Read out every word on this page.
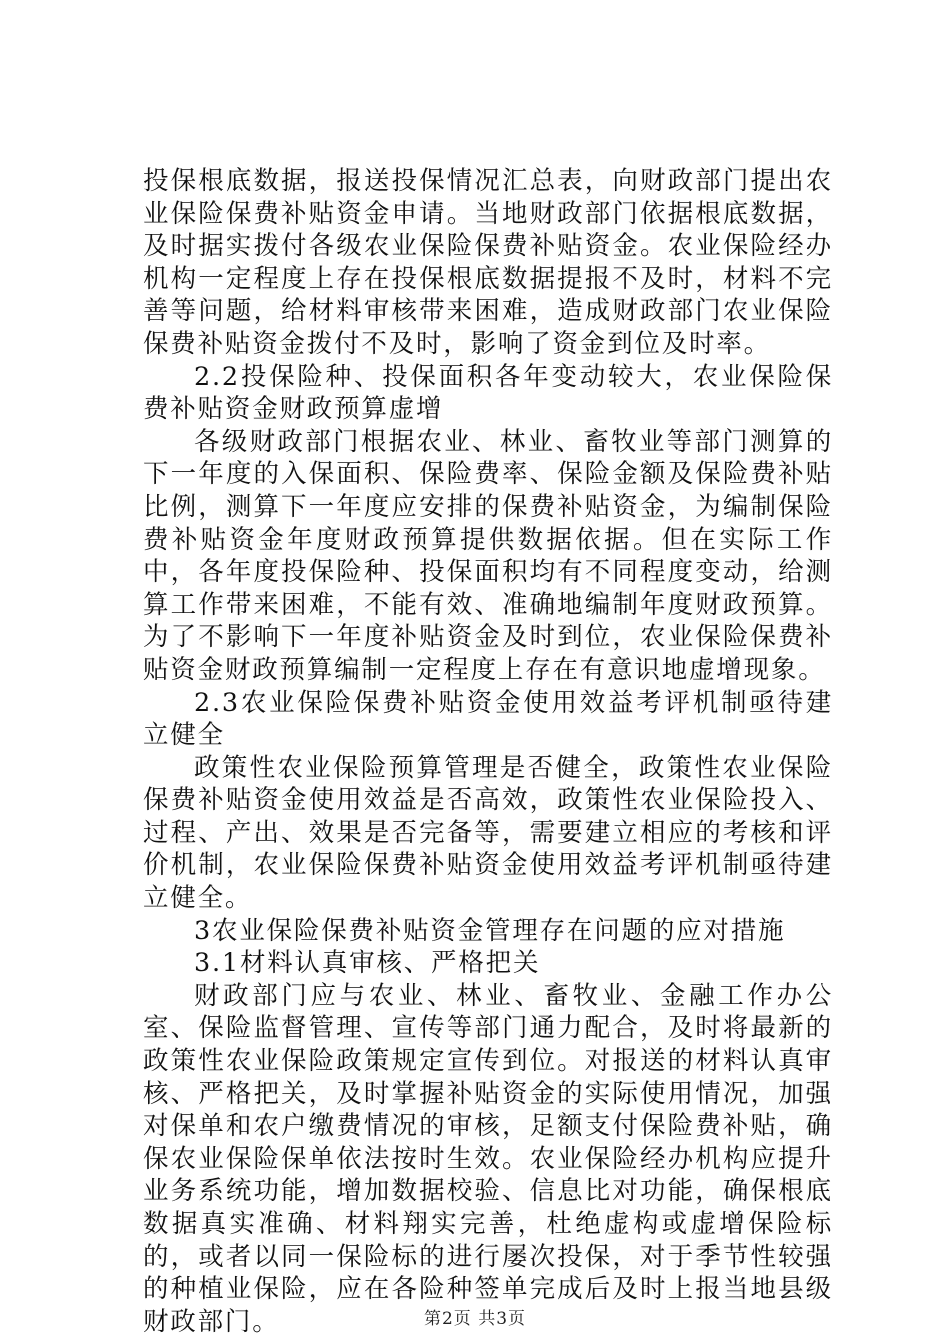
投保根底数据，报送投保情况汇总表，向财政部门提出农业保险保费补贴资金申请。当地财政部门依据根底数据，及时据实拨付各级农业保险保费补贴资金。农业保险经办机构一定程度上存在投保根底数据提报不及时，材料不完善等问题，给材料审核带来困难，造成财政部门农业保险保费补贴资金拨付不及时，影响了资金到位及时率。

2.2投保险种、投保面积各年变动较大，农业保险保费补贴资金财政预算虚增

各级财政部门根据农业、林业、畜牧业等部门测算的下一年度的入保面积、保险费率、保险金额及保险费补贴比例，测算下一年度应安排的保费补贴资金，为编制保险费补贴资金年度财政预算提供数据依据。但在实际工作中，各年度投保险种、投保面积均有不同程度变动，给测算工作带来困难，不能有效、准确地编制年度财政预算。为了不影响下一年度补贴资金及时到位，农业保险保费补贴资金财政预算编制一定程度上存在有意识地虚增现象。

2.3农业保险保费补贴资金使用效益考评机制亟待建立健全

政策性农业保险预算管理是否健全，政策性农业保险保费补贴资金使用效益是否高效，政策性农业保险投入、过程、产出、效果是否完备等，需要建立相应的考核和评价机制，农业保险保费补贴资金使用效益考评机制亟待建立健全。

3农业保险保费补贴资金管理存在问题的应对措施

3.1材料认真审核、严格把关

财政部门应与农业、林业、畜牧业、金融工作办公室、保险监督管理、宣传等部门通力配合，及时将最新的政策性农业保险政策规定宣传到位。对报送的材料认真审核、严格把关，及时掌握补贴资金的实际使用情况，加强对保单和农户缴费情况的审核，足额支付保险费补贴，确保农业保险保单依法按时生效。农业保险经办机构应提升业务系统功能，增加数据校验、信息比对功能，确保根底数据真实准确、材料翔实完善，杜绝虚构或虚增保险标的，或者以同一保险标的进行屡次投保，对于季节性较强的种植业保险，应在各险种签单完成后及时上报当地县级财政部门。	第2页 共3页
